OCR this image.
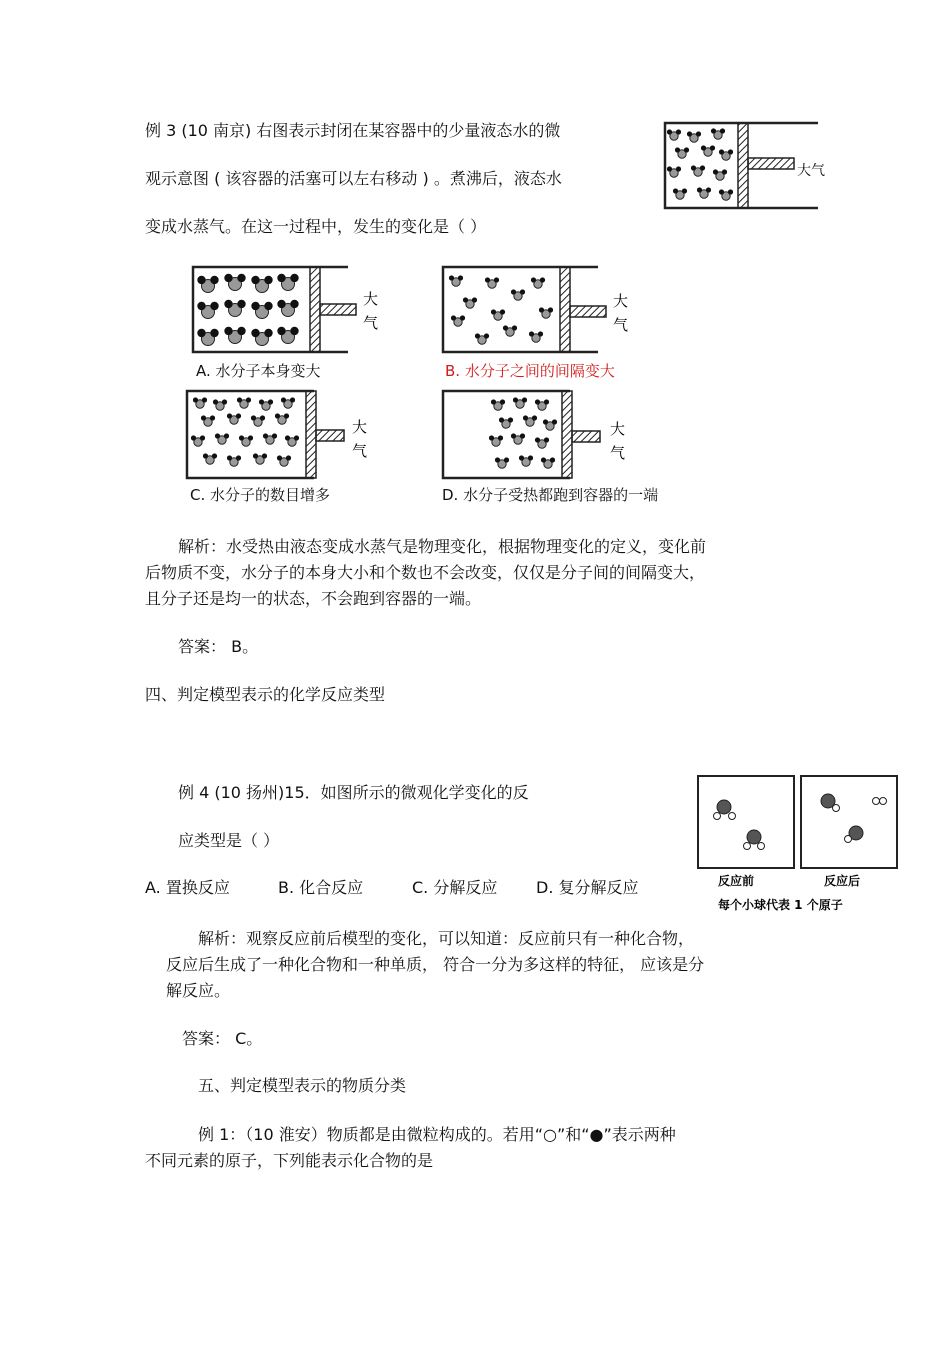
例 3 (10 南京) 右图表示封闭在某容器中的少量液态水的微
观示意图 ( 该容器的活塞可以左右移动 ) 。煮沸后，液态水
变成水蒸气。在这一过程中，发生的变化是（ ）
大气
大
气
A. 水分子本身变大
大
气
B. 水分子之间的间隔变大
大
气
C. 水分子的数目增多
大
气
D. 水分子受热都跑到容器的一端
解析：水受热由液态变成水蒸气是物理变化，根据物理变化的定义，变化前
后物质不变，水分子的本身大小和个数也不会改变，仅仅是分子间的间隔变大，
且分子还是均一的状态，不会跑到容器的一端。
答案： B。
四、判定模型表示的化学反应类型
例 4 (10 扬州)15．如图所示的微观化学变化的反
应类型是（ ）
A. 置换反应	B. 化合反应	C. 分解反应 D. 复分解反应	反应前	反应后
每个小球代表 1 个原子
解析：观察反应前后模型的变化，可以知道：反应前只有一种化合物，
反应后生成了一种化合物和一种单质， 符合一分为多这样的特征， 应该是分
解反应。
答案： C。
五、判定模型表示的物质分类
例 1：（10 淮安）物质都是由微粒构成的。若用“○”和“●”表示两种
不同元素的原子，下列能表示化合物的是
